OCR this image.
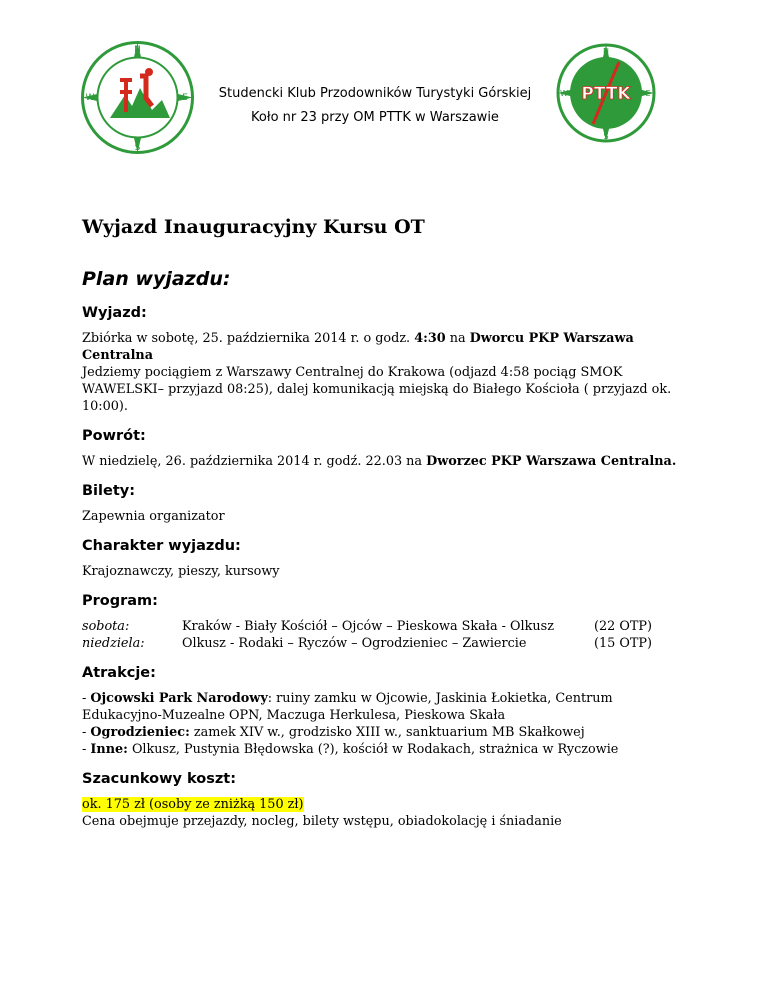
N
E
S
W
N
E
S
W PTTK
Studencki Klub Przodowników Turystyki Górskiej
Koło nr 23 przy OM PTTK w Warszawie
Wyjazd Inauguracyjny Kursu OT
Plan wyjazdu:
Wyjazd:

Zbiórka w sobotę, 25. października 2014 r. o godz. 4:30 na Dworcu PKP Warszawa Centralna

Jedziemy pociągiem z Warszawy Centralnej do Krakowa (odjazd 4:58 pociąg SMOK WAWELSKI– przyjazd 08:25), dalej komunikacją miejską do Białego Kościoła ( przyjazd ok. 10:00).

Powrót:

W niedzielę, 26. października 2014 r. godź. 22.03 na Dworzec PKP Warszawa Centralna.

Bilety:

Zapewnia organizator

Charakter wyjazdu:

Krajoznawczy, pieszy, kursowy

Program:
sobota:	Kraków - Biały Kościół – Ojców – Pieskowa Skała - Olkusz	(22 OTP)
niedziela:	Olkusz - Rodaki – Ryczów – Ogrodzieniec – Zawiercie	(15 OTP)
Atrakcje:

- Ojcowski Park Narodowy: ruiny zamku w Ojcowie, Jaskinia Łokietka, Centrum Edukacyjno-Muzealne OPN, Maczuga Herkulesa, Pieskowa Skała

- Ogrodzieniec: zamek XIV w., grodzisko XIII w., sanktuarium MB Skałkowej

- Inne: Olkusz, Pustynia Błędowska (?), kościół w Rodakach, strażnica w Ryczowie

Szacunkowy koszt:

ok. 175 zł (osoby ze zniżką 150 zł)

Cena obejmuje przejazdy, nocleg, bilety wstępu, obiadokolację i śniadanie
